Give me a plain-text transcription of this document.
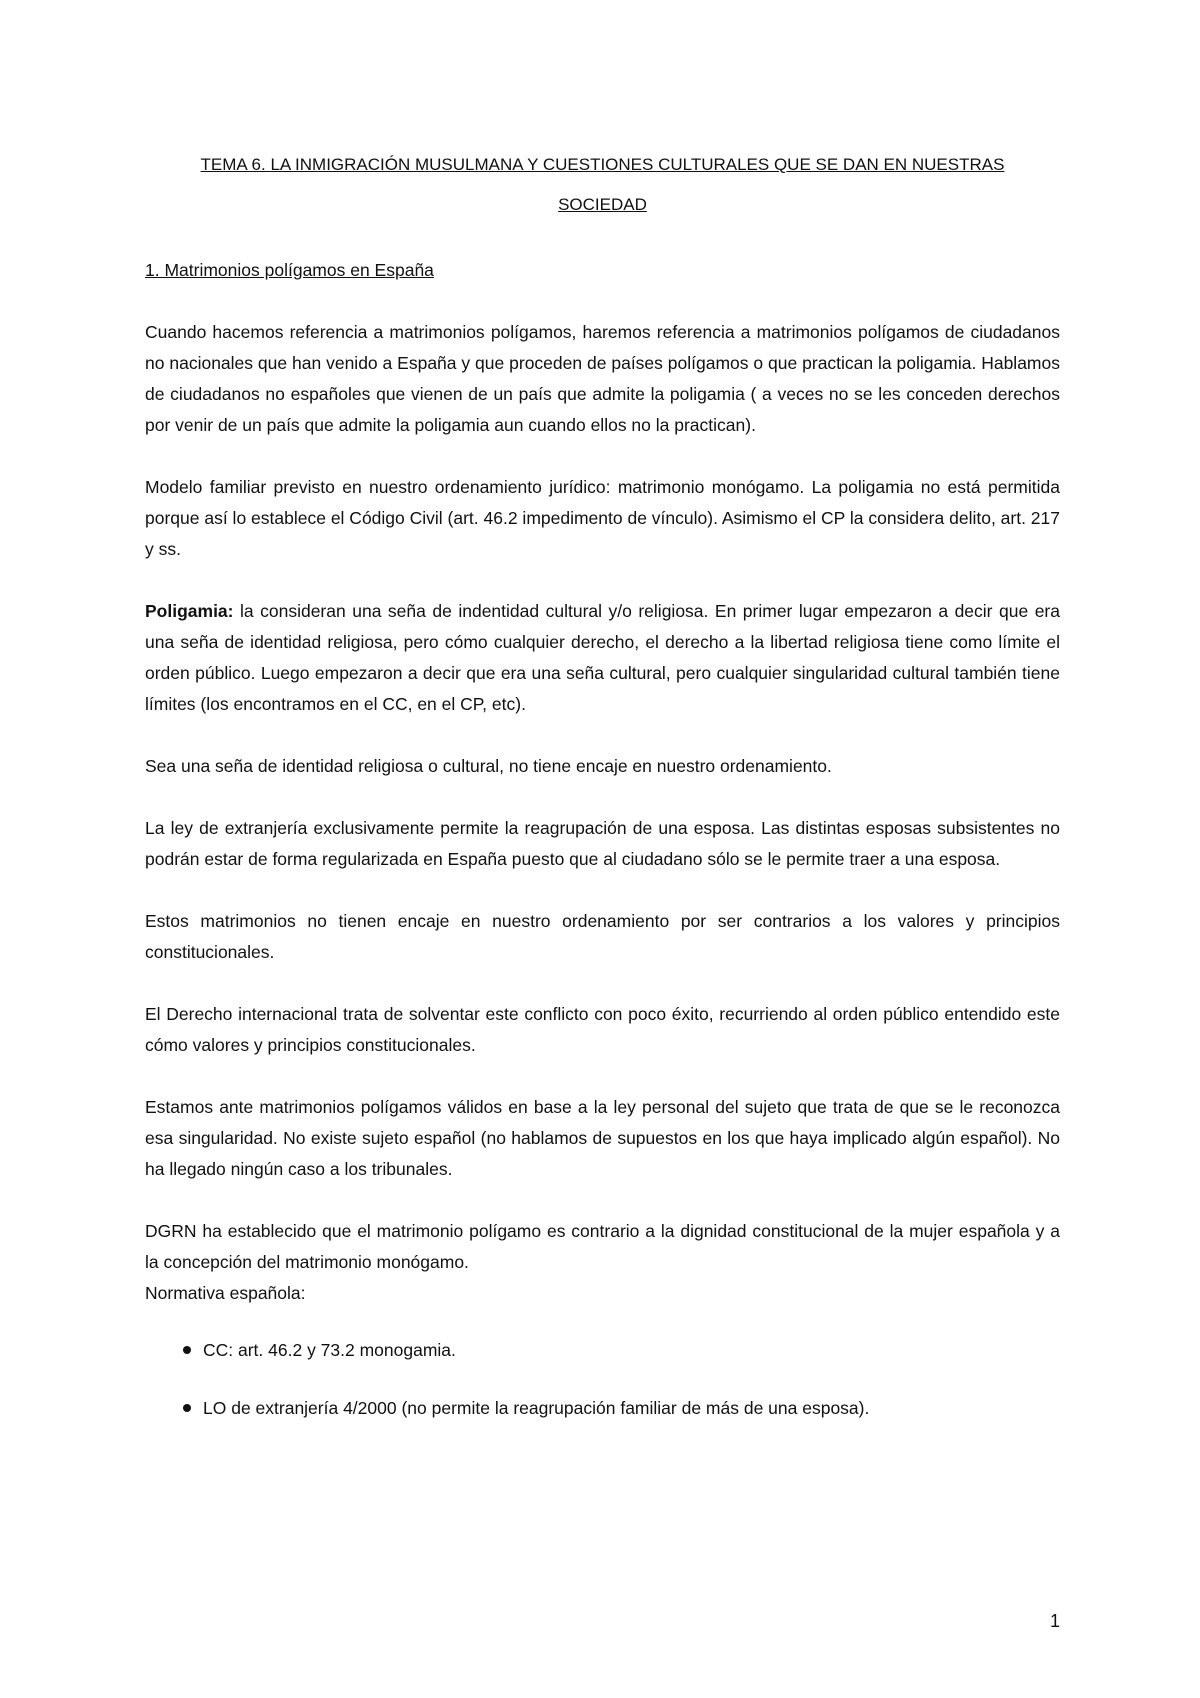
TEMA 6. LA INMIGRACIÓN MUSULMANA Y CUESTIONES CULTURALES QUE SE DAN EN NUESTRAS
SOCIEDAD
1. Matrimonios polígamos en España

Cuando hacemos referencia a matrimonios polígamos, haremos referencia a matrimonios polígamos de ciudadanos no nacionales que han venido a España y que proceden de países polígamos o que practican la poligamia. Hablamos de ciudadanos no españoles que vienen de un país que admite la poligamia ( a veces no se les conceden derechos por venir de un país que admite la poligamia aun cuando ellos no la practican).

Modelo familiar previsto en nuestro ordenamiento jurídico: matrimonio monógamo. La poligamia no está permitida porque así lo establece el Código Civil (art. 46.2 impedimento de vínculo). Asimismo el CP la considera delito, art. 217 y ss.

Poligamia: la consideran una seña de indentidad cultural y/o religiosa. En primer lugar empezaron a decir que era una seña de identidad religiosa, pero cómo cualquier derecho, el derecho a la libertad religiosa tiene como límite el orden público. Luego empezaron a decir que era una seña cultural, pero cualquier singularidad cultural también tiene límites (los encontramos en el CC, en el CP, etc).

Sea una seña de identidad religiosa o cultural, no tiene encaje en nuestro ordenamiento.

La ley de extranjería exclusivamente permite la reagrupación de una esposa. Las distintas esposas subsistentes no podrán estar de forma regularizada en España puesto que al ciudadano sólo se le permite traer a una esposa.

Estos matrimonios no tienen encaje en nuestro ordenamiento por ser contrarios a los valores y principios constitucionales.

El Derecho internacional trata de solventar este conflicto con poco éxito, recurriendo al orden público entendido este cómo valores y principios constitucionales.

Estamos ante matrimonios polígamos válidos en base a la ley personal del sujeto que trata de que se le reconozca esa singularidad. No existe sujeto español (no hablamos de supuestos en los que haya implicado algún español). No ha llegado ningún caso a los tribunales.

DGRN ha establecido que el matrimonio polígamo es contrario a la dignidad constitucional de la mujer española y a la concepción del matrimonio monógamo.

Normativa española:

CC: art. 46.2 y 73.2 monogamia.
LO de extranjería 4/2000 (no permite la reagrupación familiar de más de una esposa).
1
